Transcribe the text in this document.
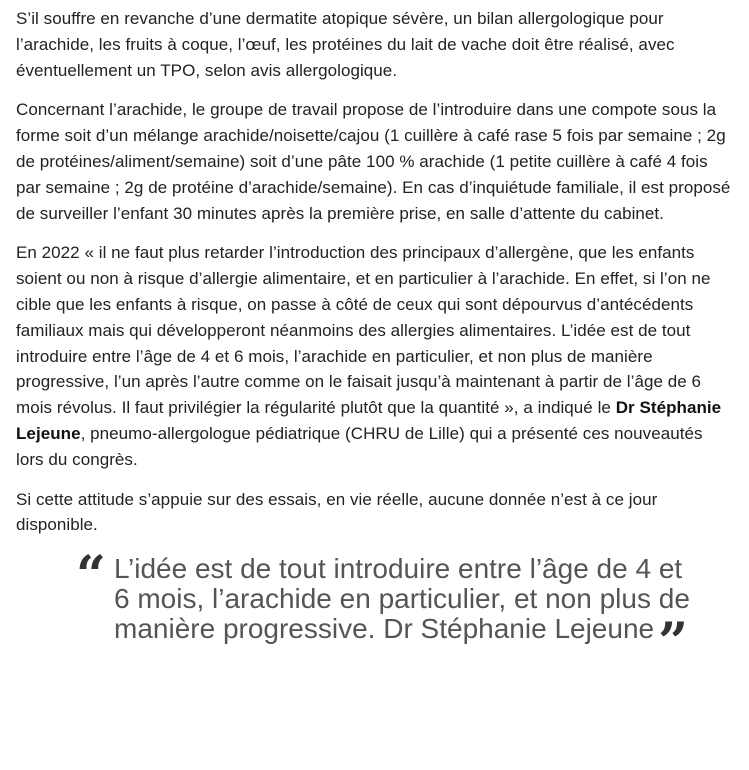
S’il souffre en revanche d’une dermatite atopique sévère, un bilan allergologique pour l’arachide, les fruits à coque, l’œuf, les protéines du lait de vache doit être réalisé, avec éventuellement un TPO, selon avis allergologique.

Concernant l’arachide, le groupe de travail propose de l’introduire dans une compote sous la forme soit d’un mélange arachide/noisette/cajou (1 cuillère à café rase 5 fois par semaine ; 2g de protéines/aliment/semaine) soit d’une pâte 100 % arachide (1 petite cuillère à café 4 fois par semaine ; 2g de protéine d’arachide/semaine). En cas d’inquiétude familiale, il est proposé de surveiller l’enfant 30 minutes après la première prise, en salle d’attente du cabinet.

En 2022 « il ne faut plus retarder l’introduction des principaux d’allergène, que les enfants soient ou non à risque d’allergie alimentaire, et en particulier à l’arachide. En effet, si l’on ne cible que les enfants à risque, on passe à côté de ceux qui sont dépourvus d’antécédents familiaux mais qui développeront néanmoins des allergies alimentaires. L’idée est de tout introduire entre l’âge de 4 et 6 mois, l’arachide en particulier, et non plus de manière progressive, l’un après l’autre comme on le faisait jusqu’à maintenant à partir de l’âge de 6 mois révolus. Il faut privilégier la régularité plutôt que la quantité », a indiqué le Dr Stéphanie Lejeune, pneumo-allergologue pédiatrique (CHRU de Lille) qui a présenté ces nouveautés lors du congrès.

Si cette attitude s’appuie sur des essais, en vie réelle, aucune donnée n’est à ce jour disponible.

“ L’idée est de tout introduire entre l’âge de 4 et 6 mois, l’arachide en particulier, et non plus de manière progressive. Dr Stéphanie Lejeune”
